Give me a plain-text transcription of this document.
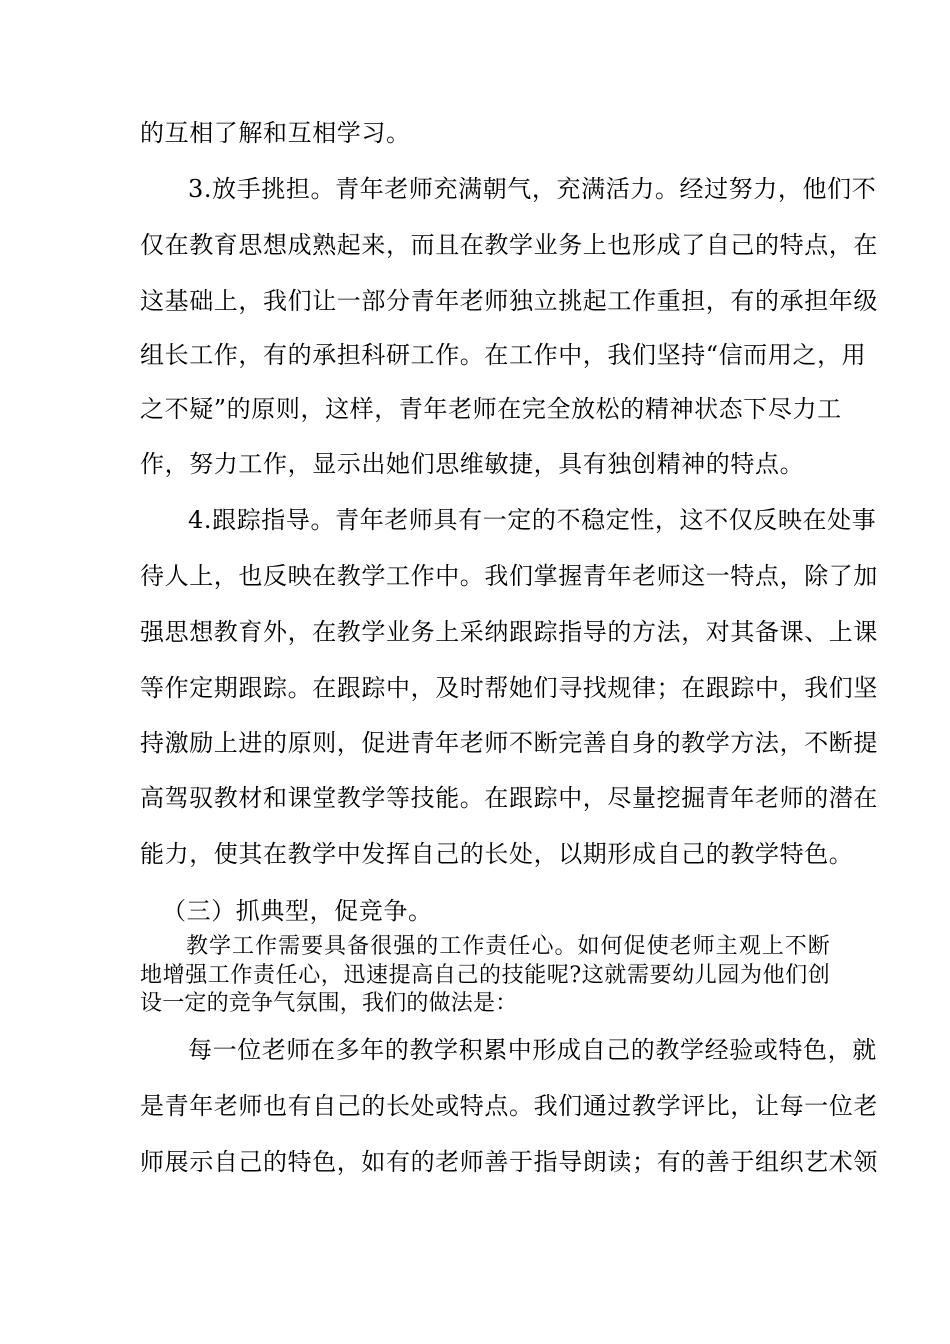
的互相了解和互相学习。
3.放手挑担。青年老师充满朝气，充满活力。经过努力，他们不
仅在教育思想成熟起来，而且在教学业务上也形成了自己的特点，在
这基础上，我们让一部分青年老师独立挑起工作重担，有的承担年级
组长工作，有的承担科研工作。在工作中，我们坚持“信而用之，用
之不疑”的原则，这样，青年老师在完全放松的精神状态下尽力工
作，努力工作，显示出她们思维敏捷，具有独创精神的特点。
4.跟踪指导。青年老师具有一定的不稳定性，这不仅反映在处事
待人上，也反映在教学工作中。我们掌握青年老师这一特点，除了加
强思想教育外，在教学业务上采纳跟踪指导的方法，对其备课、上课
等作定期跟踪。在跟踪中，及时帮她们寻找规律；在跟踪中，我们坚
持激励上进的原则，促进青年老师不断完善自身的教学方法，不断提
高驾驭教材和课堂教学等技能。在跟踪中，尽量挖掘青年老师的潜在
能力，使其在教学中发挥自己的长处，以期形成自己的教学特色。
（三）抓典型，促竞争。
教学工作需要具备很强的工作责任心。如何促使老师主观上不断
地增强工作责任心，迅速提高自己的技能呢?这就需要幼儿园为他们创
设一定的竞争气氛围，我们的做法是：
每一位老师在多年的教学积累中形成自己的教学经验或特色，就
是青年老师也有自己的长处或特点。我们通过教学评比，让每一位老
师展示自己的特色，如有的老师善于指导朗读；有的善于组织艺术领
